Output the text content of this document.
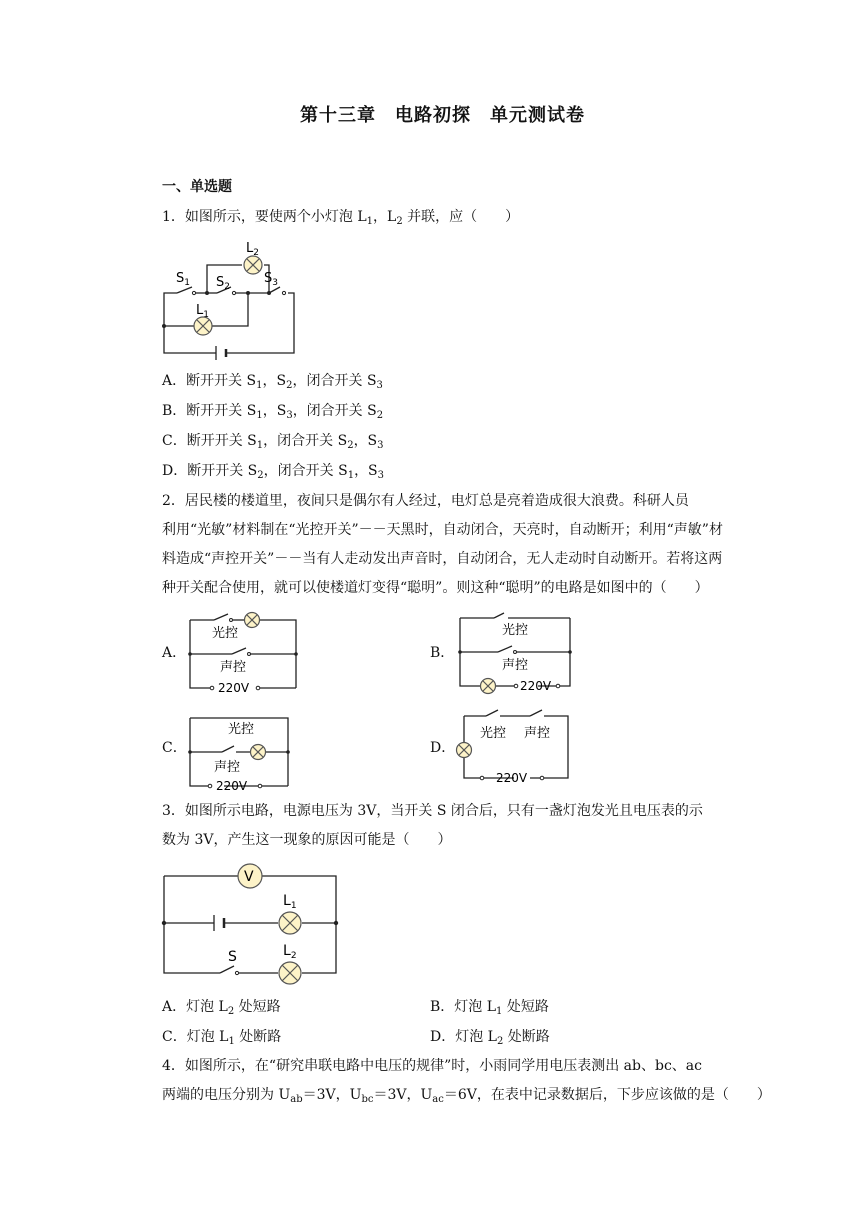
第十三章　电路初探　单元测试卷
一、单选题
1．如图所示，要使两个小灯泡 $L_1$，$L_2$ 并联，应（　　）
$L_2$
$S_1$ $S_2$
$S_3$
$L_1$
A．断开开关 $S_1$，$S_2$，闭合开关 $S_3$
B．断开开关 $S_1$，$S_3$，闭合开关 $S_2$
C．断开开关 $S_1$，闭合开关 $S_2$，$S_3$
D．断开开关 $S_2$，闭合开关 $S_1$，$S_3$
2．居民楼的楼道里，夜间只是偶尔有人经过，电灯总是亮着造成很大浪费。科研人员
利用“光敏”材料制在“光控开关”－－天黑时，自动闭合，天亮时，自动断开；利用“声敏”材
料造成“声控开关”－－当有人走动发出声音时，自动闭合，无人走动时自动断开。若将这两
种开关配合使用，就可以使楼道灯变得“聪明”。则这种“聪明”的电路是如图中的（　　）
A．
光控
声控
220V
B．
光控
声控
220V
C．
光控
声控
220V
D．
光控 声控
220V
3．如图所示电路，电源电压为 3V，当开关 S 闭合后，只有一盏灯泡发光且电压表的示
数为 3V，产生这一现象的原因可能是（　　）
V
$L_1$
$L_2$
S
A．灯泡 $L_2$ 处短路	B．灯泡 $L_1$ 处短路
C．灯泡 $L_1$ 处断路	D．灯泡 $L_2$ 处断路
4．如图所示，在“研究串联电路中电压的规律”时，小雨同学用电压表测出 ab、bc、ac
两端的电压分别为 $U_{ab}=3V$，$U_{bc}=3V$，$U_{ac}=6V$，在表中记录数据后，下步应该做的是（　　）
